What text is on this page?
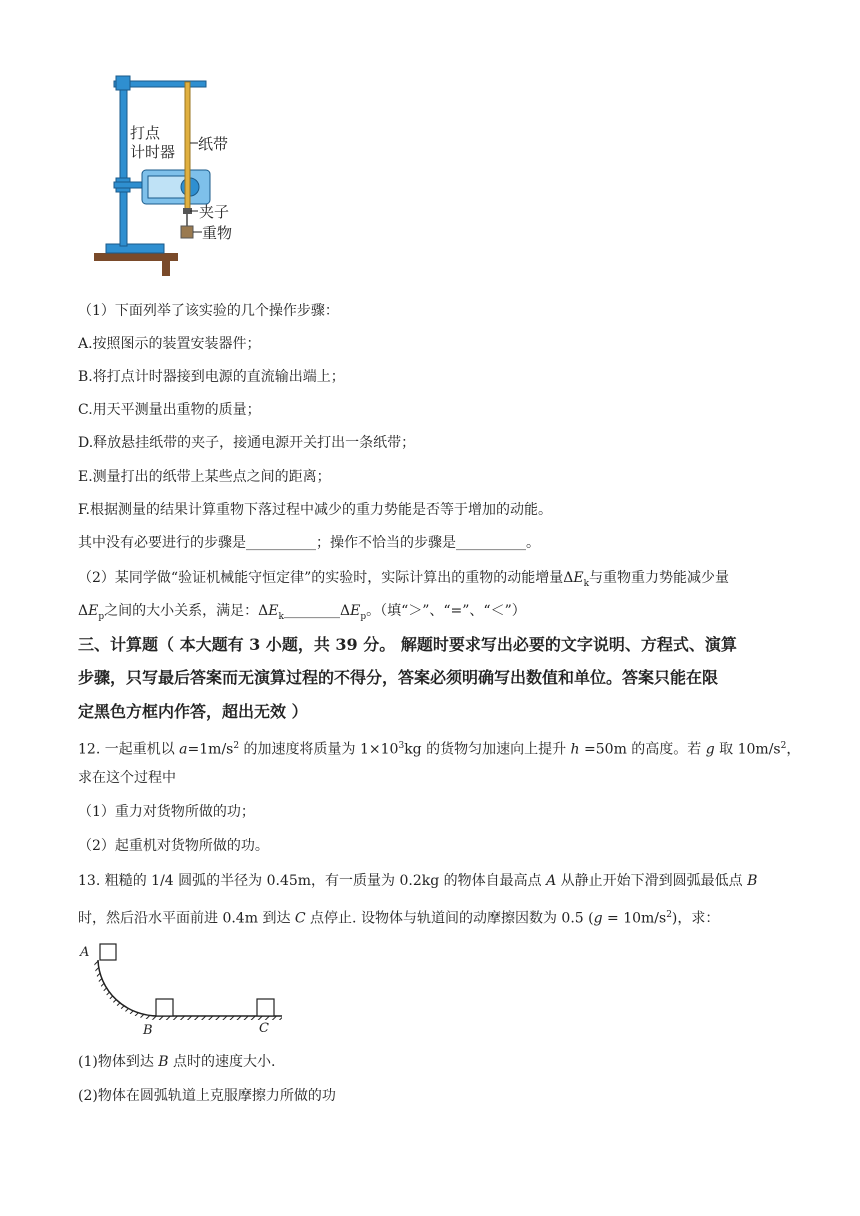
打点
计时器 纸带
夹子
重物
（1）下面列举了该实验的几个操作步骤：
A.按照图示的装置安装器件；
B.将打点计时器接到电源的直流输出端上；
C.用天平测量出重物的质量；
D.释放悬挂纸带的夹子，接通电源开关打出一条纸带；
E.测量打出的纸带上某些点之间的距离；
F.根据测量的结果计算重物下落过程中减少的重力势能是否等于增加的动能。
其中没有必要进行的步骤是__________；操作不恰当的步骤是__________。
（2）某同学做“验证机械能守恒定律”的实验时，实际计算出的重物的动能增量$\Delta E_k$与重物重力势能减少量
$\Delta E_p$之间的大小关系，满足：$\Delta E_k\_\_\_\_\_\_\_\_\Delta E_p$。（填“＞”、“=”、“＜”）
三、计算题（ 本大题有 3 小题，共 39 分。 解题时要求写出必要的文字说明、方程式、演算
步骤，只写最后答案而无演算过程的不得分，答案必须明确写出数值和单位。答案只能在限
定黑色方框内作答，超出无效 ）
12. 一起重机以 $a=1m/s^2$ 的加速度将质量为 $1\times 10^3kg$ 的货物匀加速向上提升 h =50m 的高度。若 g 取 $10m/s^2$，
求在这个过程中
（1）重力对货物所做的功；
（2）起重机对货物所做的功。
13. 粗糙的 1/4 圆弧的半径为 0.45m，有一质量为 0.2kg 的物体自最高点 A 从静止开始下滑到圆弧最低点 B
时，然后沿水平面前进 0.4m 到达 C 点停止. 设物体与轨道间的动摩擦因数为 0.5 $(g = 10m/s^2)$，求：
A
B	C
(1)物体到达 B 点时的速度大小.
(2)物体在圆弧轨道上克服摩擦力所做的功
